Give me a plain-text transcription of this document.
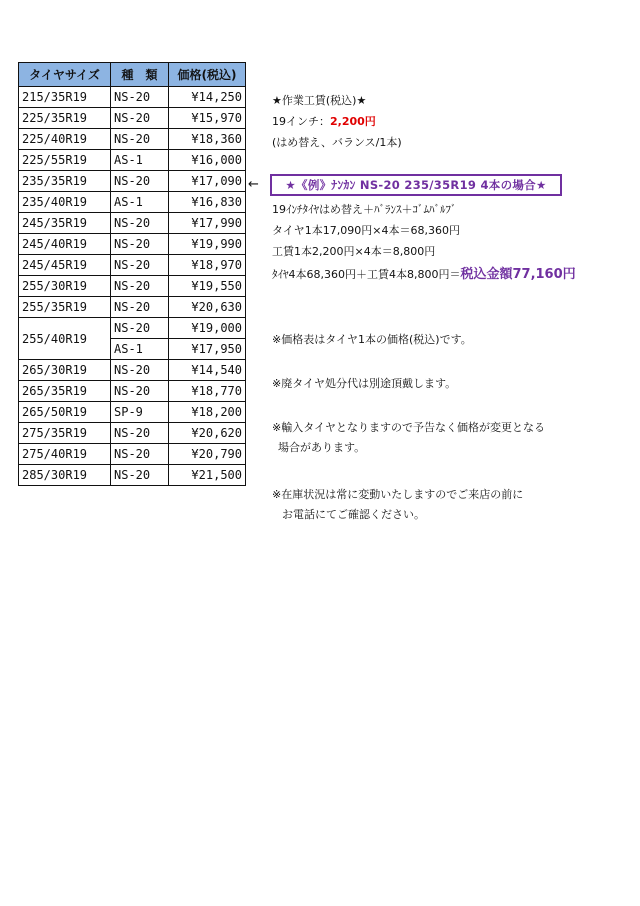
タイヤサイズ	種　類	価格(税込)
215/35R19	NS-20	¥14,250
225/35R19	NS-20	¥15,970
225/40R19	NS-20	¥18,360
225/55R19	AS-1	¥16,000
235/35R19	NS-20	¥17,090
235/40R19	AS-1	¥16,830
245/35R19	NS-20	¥17,990
245/40R19	NS-20	¥19,990
245/45R19	NS-20	¥18,970
255/30R19	NS-20	¥19,550
255/35R19	NS-20	¥20,630
255/40R19	NS-20	¥19,000
	AS-1	¥17,950
265/30R19	NS-20	¥14,540
265/35R19	NS-20	¥18,770
265/50R19	SP-9	¥18,200
275/35R19	NS-20	¥20,620
275/40R19	NS-20	¥20,790
285/30R19	NS-20	¥21,500
★作業工賃(税込)★
19インチ：2,200円
(はめ替え、バランス/1本)
←	★《例》ﾅﾝｶﾝ NS-20 235/35R19 4本の場合★
19ｲﾝﾁﾀｲﾔはめ替え＋ﾊﾞﾗﾝｽ＋ｺﾞﾑﾊﾞﾙﾌﾞ
タイヤ1本17,090円×4本＝68,360円
工賃1本2,200円×4本＝8,800円
ﾀｲﾔ4本68,360円＋工賃4本8,800円＝税込金額77,160円
※価格表はタイヤ1本の価格(税込)です。
※廃タイヤ処分代は別途頂戴します。
※輸入タイヤとなりますので予告なく価格が変更となる
場合があります。
※在庫状況は常に変動いたしますのでご来店の前に
お電話にてご確認ください。
